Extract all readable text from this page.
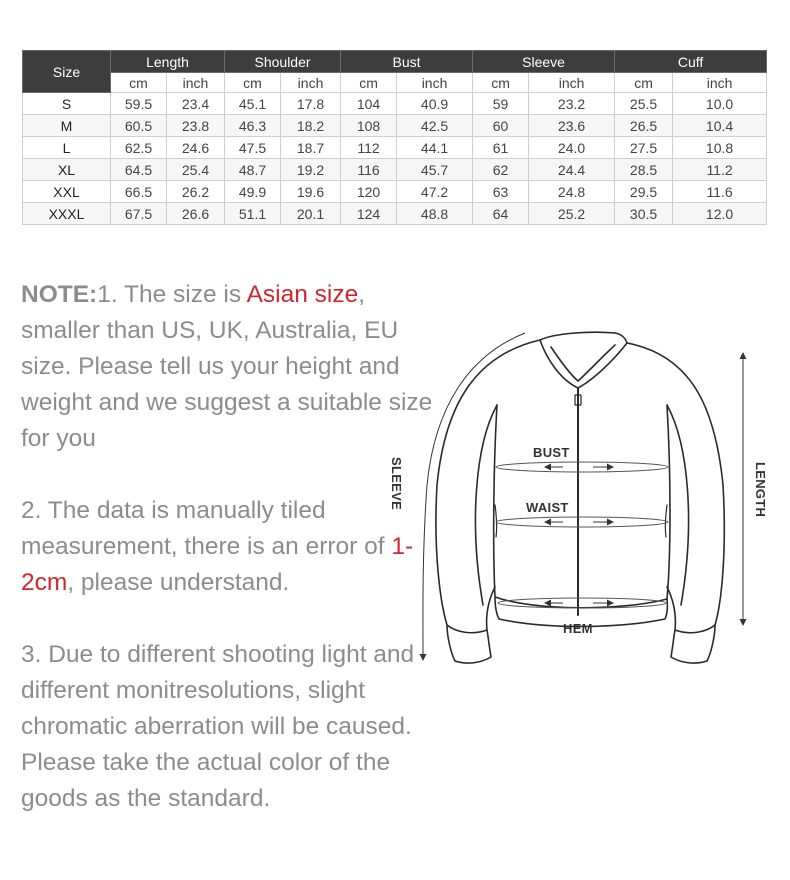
Size	Length		Shoulder		Bust		Sleeve		Cuff	
	cm	inch	cm	inch	cm	inch	cm	inch	cm	inch
S	59.5	23.4	45.1	17.8	104	40.9	59	23.2	25.5	10.0
M	60.5	23.8	46.3	18.2	108	42.5	60	23.6	26.5	10.4
L	62.5	24.6	47.5	18.7	112	44.1	61	24.0	27.5	10.8
XL	64.5	25.4	48.7	19.2	116	45.7	62	24.4	28.5	11.2
XXL	66.5	26.2	49.9	19.6	120	47.2	63	24.8	29.5	11.6
XXXL	67.5	26.6	51.1	20.1	124	48.8	64	25.2	30.5	12.0

NOTE:1. The size is Asian size, smaller than US, UK, Australia, EU size. Please tell us your height and weight and we suggest a suitable size for you

2. The data is manually tiled measurement, there is an error of 1-2cm, please understand.

3. Due to different shooting light and different monitresolutions, slight chromatic aberration will be caused. Please take the actual color of the goods as the standard.

BUST
WAIST
HEM
SLEEVE	LENGTH
